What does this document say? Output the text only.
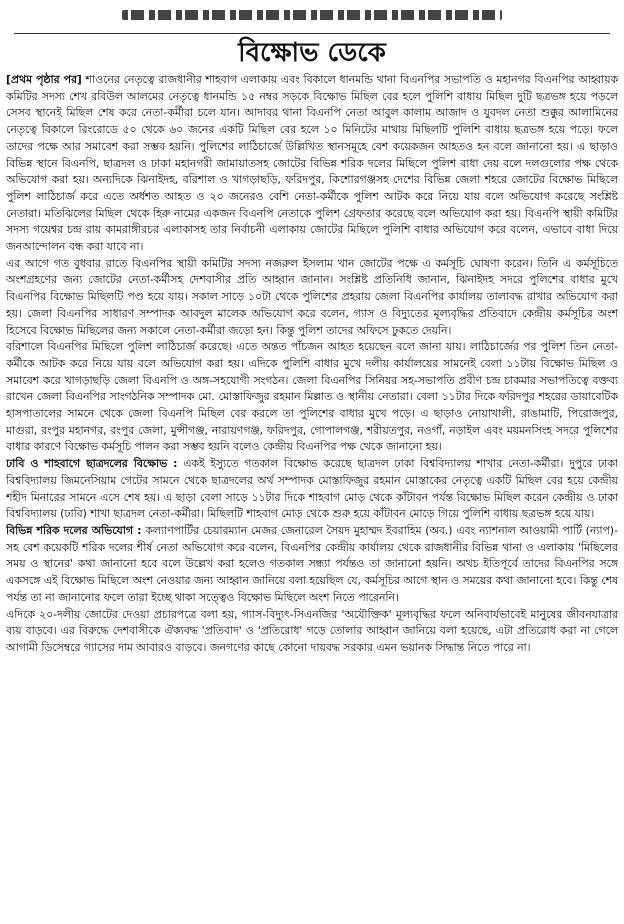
বিক্ষোভ ডেকে

[প্রথম পৃষ্ঠার পর] শাওনের নেতৃত্বে রাজধানীর শাহবাগ এলাকায় এবং বিকালে ধানমন্ডি থানা বিএনপির সভাপতি ও মহানগর বিএনপির আহ্বায়ক কমিটির সদস্য শেখ রবিউল আলমের নেতৃত্বে ধানমন্ডি ১৫ নম্বর সড়কে বিক্ষোভ মিছিল বের হলে পুলিশি বাধায় মিছিল দুটি ছত্রভঙ্গ হয়ে পড়লে সেসব স্থানেই মিছিল শেষ করে নেতা-কর্মীরা চলে যান। আদাবর থানা বিএনপি নেতা আবুল কালাম আজাদ ও যুবদল নেতা শুক্কুর আলামিনের নেতৃত্বে বিকালে রিংরোডে ৫০ থেকে ৬০ জনের একটি মিছিল বের হলে ১০ মিনিটের মাথায় মিছিলটি পুলিশি বাধায় ছত্রভঙ্গ হয়ে পড়ে। ফলে তাদের পক্ষে আর সমাবেশ করা সম্ভব হয়নি। পুলিশের লাঠিচার্জে উল্লিখিত স্থানসমূহে বেশ কয়েকজন আহতও হন বলে জানানো হয়। এ ছাড়াও বিভিন্ন স্থানে বিএনপি, ছাত্রদল ও ঢাকা মহানগরী জামায়াতসহ জোটের বিভিন্ন শরিক দলের মিছিলে পুলিশ বাধা দেয় বলে দলগুলোর পক্ষ থেকে অভিযোগ করা হয়। অন্যদিকে ঝিনাইদহ, বরিশাল ও খাগড়াছড়ি, ফরিদপুর, কিশোরগঞ্জসহ দেশের বিভিন্ন জেলা শহরে জোটের বিক্ষোভ মিছিলে পুলিশ লাঠিচার্জ করে এতে অর্ধশত আহত ও ২০ জনেরও বেশি নেতা-কর্মীকে পুলিশ আটক করে নিয়ে যায় বলে অভিযোগ করেছে সংশ্লিষ্ট নেতারা। মতিঝিলের মিছিল থেকে হিরু নামের একজন বিএনপি নেতাকে পুলিশ গ্রেফতার করেছে বলে অভিযোগ করা হয়। বিএনপি স্থায়ী কমিটির সদস্য গয়েশ্বর চন্দ্র রায় কামরাঙ্গীরচর এলাকাসহ তার নির্বাচনী এলাকায় জোটের মিছিলে পুলিশি বাধার অভিযোগ করে বলেন, এভাবে বাধা দিয়ে জনআন্দোলন বন্ধ করা যাবে না।

এর আগে গত বুধবার রাতে বিএনপির স্থায়ী কমিটির সদস্য নজরুল ইসলাম খান জোটের পক্ষে এ কর্মসূচি ঘোষণা করেন। তিনি এ কর্মসূচিতে অংশগ্রহণের জন্য জোটের নেতা-কর্মীসহ দেশবাসীর প্রতি আহ্বান জানান। সংশ্লিষ্ট প্রতিনিধি জানান, ঝিনাইদহ সদরে পুলিশের বাধার মুখে বিএনপির বিক্ষোভ মিছিলটি পণ্ড হয়ে যায়। সকাল সাড়ে ১০টা থেকে পুলিশের প্রহরায় জেলা বিএনপির কার্যালয় তালাবদ্ধ রাখার অভিযোগ করা হয়। জেলা বিএনপির সাধারণ সম্পাদক আবদুল মালেক অভিযোগ করে বলেন, গ্যাস ও বিদ্যুতের মূল্যবৃদ্ধির প্রতিবাদে কেন্দ্রীয় কর্মসূচির অংশ হিসেবে বিক্ষোভ মিছিলের জন্য সকালে নেতা-কর্মীরা জড়ো হন। কিন্তু পুলিশ তাদের অফিসে ঢুকতে দেয়নি।

বরিশালে বিএনপির মিছিলে পুলিশ লাঠিচার্জ করেছে। এতে অন্তত পাঁচজন আহত হয়েছেন বলে জানা যায়। লাঠিচার্জের পর পুলিশ তিন নেতা-কর্মীকে আটক করে নিয়ে যায় বলে অভিযোগ করা হয়। এদিকে পুলিশি বাধার মুখে দলীয় কার্যালয়ের সামনেই বেলা ১১টায় বিক্ষোভ মিছিল ও সমাবেশ করে খাগড়াছড়ি জেলা বিএনপি ও অঙ্গ-সহযোগী সংগঠন। জেলা বিএনপির সিনিয়র সহ-সভাপতি প্রবীণ চন্দ্র চাকমার সভাপতিত্বে বক্তব্য রাখেন জেলা বিএনপির সাংগঠনিক সম্পাদক মো. মোস্তাফিজুর রহমান মিল্লাত ও স্থানীয় নেতারা। বেলা ১১টার দিকে ফরিদপুর শহরের ডায়াবেটিক হাসপাতালের সামনে থেকে জেলা বিএনপি মিছিল বের করলে তা পুলিশের বাধার মুখে পড়ে। এ ছাড়াও নোয়াখালী, রাঙামাটি, পিরোজপুর, মাগুরা, রংপুর মহানগর, রংপুর জেলা, মুন্সীগঞ্জ, নারায়ণগঞ্জ, ফরিদপুর, গোপালগঞ্জ, শরীয়তপুর, নওগাঁ, নড়াইল এবং ময়মনসিংহ সদরে পুলিশের বাধার কারণে বিক্ষোভ কর্মসূচি পালন করা সম্ভব হয়নি বলেও কেন্দ্রীয় বিএনপির পক্ষ থেকে জানানো হয়।

ঢাবি ও শাহবাগে ছাত্রদলের বিক্ষোভ : একই ইস্যুতে গতকাল বিক্ষোভ করেছে ছাত্রদল ঢাকা বিশ্ববিদ্যালয় শাখার নেতা-কর্মীরা। দুপুরে ঢাকা বিশ্ববিদ্যালয় জিমনেসিয়াম গেটের সামনে থেকে ছাত্রদলের অর্থ সম্পাদক মোস্তাফিজুর রহমান মোস্তাকের নেতৃত্বে একটি মিছিল বের হয়ে কেন্দ্রীয় শহীদ মিনারের সামনে এসে শেষ হয়। এ ছাড়া বেলা সাড়ে ১১টার দিকে শাহবাগ মোড় থেকে কাঁটাবন পর্যন্ত বিক্ষোভ মিছিল করেন কেন্দ্রীয় ও ঢাকা বিশ্ববিদ্যালয় (ঢাবি) শাখা ছাত্রদল নেতা-কর্মীরা। মিছিলটি শাহবাগ মোড় থেকে শুরু হয়ে কাঁটাবন মোড়ে গিয়ে পুলিশি বাধায় ছত্রভঙ্গ হয়ে যায়।

বিভিন্ন শরিক দলের অভিযোগ : কল্যাণপার্টির চেয়ারম্যান মেজর জেনারেল সৈয়দ মুহাম্মদ ইবরাহিম (অব.) এবং ন্যাশনাল আওয়ামী পার্টি (ন্যাপ)-সহ বেশ কয়েকটি শরিক দলের শীর্ষ নেতা অভিযোগ করে বলেন, বিএনপির কেন্দ্রীয় কার্যালয় থেকে রাজধানীর বিভিন্ন থানা ও এলাকায় 'মিছিলের সময় ও স্থানের' কথা জানানো হবে বলে উল্লেখ করা হলেও গতকাল সন্ধ্যা পর্যন্তও তা জানানো হয়নি। অথচ ইতিপূর্বে তাদের বিএনপির সঙ্গে একসঙ্গে এই বিক্ষোভ মিছিলে অংশ নেওয়ার জন্য আহ্বান জানিয়ে বলা হয়েছিল যে, কর্মসূচির আগে স্থান ও সময়ের কথা জানানো হবে। কিন্তু শেষ পর্যন্ত তা না জানানোর ফলে তারা ইচ্ছে থাকা সত্ত্বেও বিক্ষোভ মিছিলে অংশ নিতে পারেননি।

এদিকে ২০-দলীয় জোটের দেওয়া প্রচারপত্রে বলা হয়, গ্যাস-বিদ্যুৎ-সিএনজির 'অযৌক্তিক' মূল্যবৃদ্ধির ফলে অনিবার্যভাবেই মানুষের জীবনযাত্রার ব্যয় বাড়বে। এর বিরুদ্ধে দেশবাসীকে ঐক্যবদ্ধ 'প্রতিবাদ' ও 'প্রতিরোধ' গড়ে তোলার আহ্বান জানিয়ে বলা হয়েছে, এটা প্রতিরোধ করা না গেলে আগামী ডিসেম্বরে গ্যাসের দাম আবারও বাড়বে। জনগণের কাছে কোনো দায়বদ্ধ সরকার এমন ভয়ানক সিদ্ধান্ত নিতে পারে না।
